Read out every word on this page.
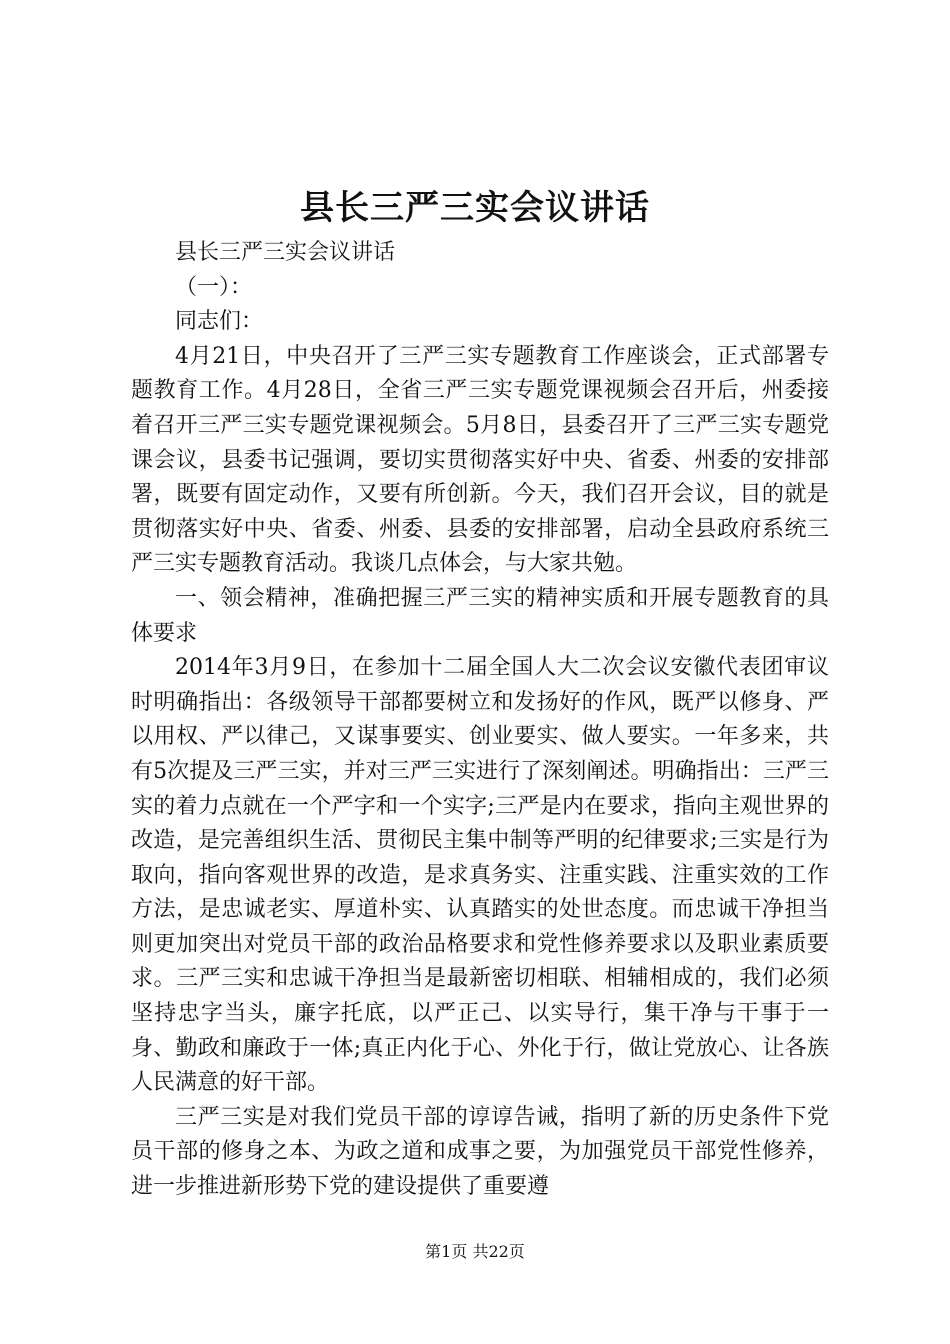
县长三严三实会议讲话

县长三严三实会议讲话

（一）：

同志们：

4月21日，中央召开了三严三实专题教育工作座谈会，正式部署专题教育工作。4月28日，全省三严三实专题党课视频会召开后，州委接着召开三严三实专题党课视频会。5月8日，县委召开了三严三实专题党课会议，县委书记强调，要切实贯彻落实好中央、省委、州委的安排部署，既要有固定动作，又要有所创新。今天，我们召开会议，目的就是贯彻落实好中央、省委、州委、县委的安排部署，启动全县政府系统三严三实专题教育活动。我谈几点体会，与大家共勉。

一、领会精神，准确把握三严三实的精神实质和开展专题教育的具体要求

2014年3月9日，在参加十二届全国人大二次会议安徽代表团审议时明确指出：各级领导干部都要树立和发扬好的作风，既严以修身、严以用权、严以律己，又谋事要实、创业要实、做人要实。一年多来，共有5次提及三严三实，并对三严三实进行了深刻阐述。明确指出：三严三实的着力点就在一个严字和一个实字;三严是内在要求，指向主观世界的改造，是完善组织生活、贯彻民主集中制等严明的纪律要求;三实是行为取向，指向客观世界的改造，是求真务实、注重实践、注重实效的工作方法，是忠诚老实、厚道朴实、认真踏实的处世态度。而忠诚干净担当则更加突出对党员干部的政治品格要求和党性修养要求以及职业素质要求。三严三实和忠诚干净担当是最新密切相联、相辅相成的，我们必须坚持忠字当头，廉字托底，以严正己、以实导行，集干净与干事于一身、勤政和廉政于一体;真正内化于心、外化于行，做让党放心、让各族人民满意的好干部。

三严三实是对我们党员干部的谆谆告诫，指明了新的历史条件下党员干部的修身之本、为政之道和成事之要，为加强党员干部党性修养，进一步推进新形势下党的建设提供了重要遵

第1页 共22页
